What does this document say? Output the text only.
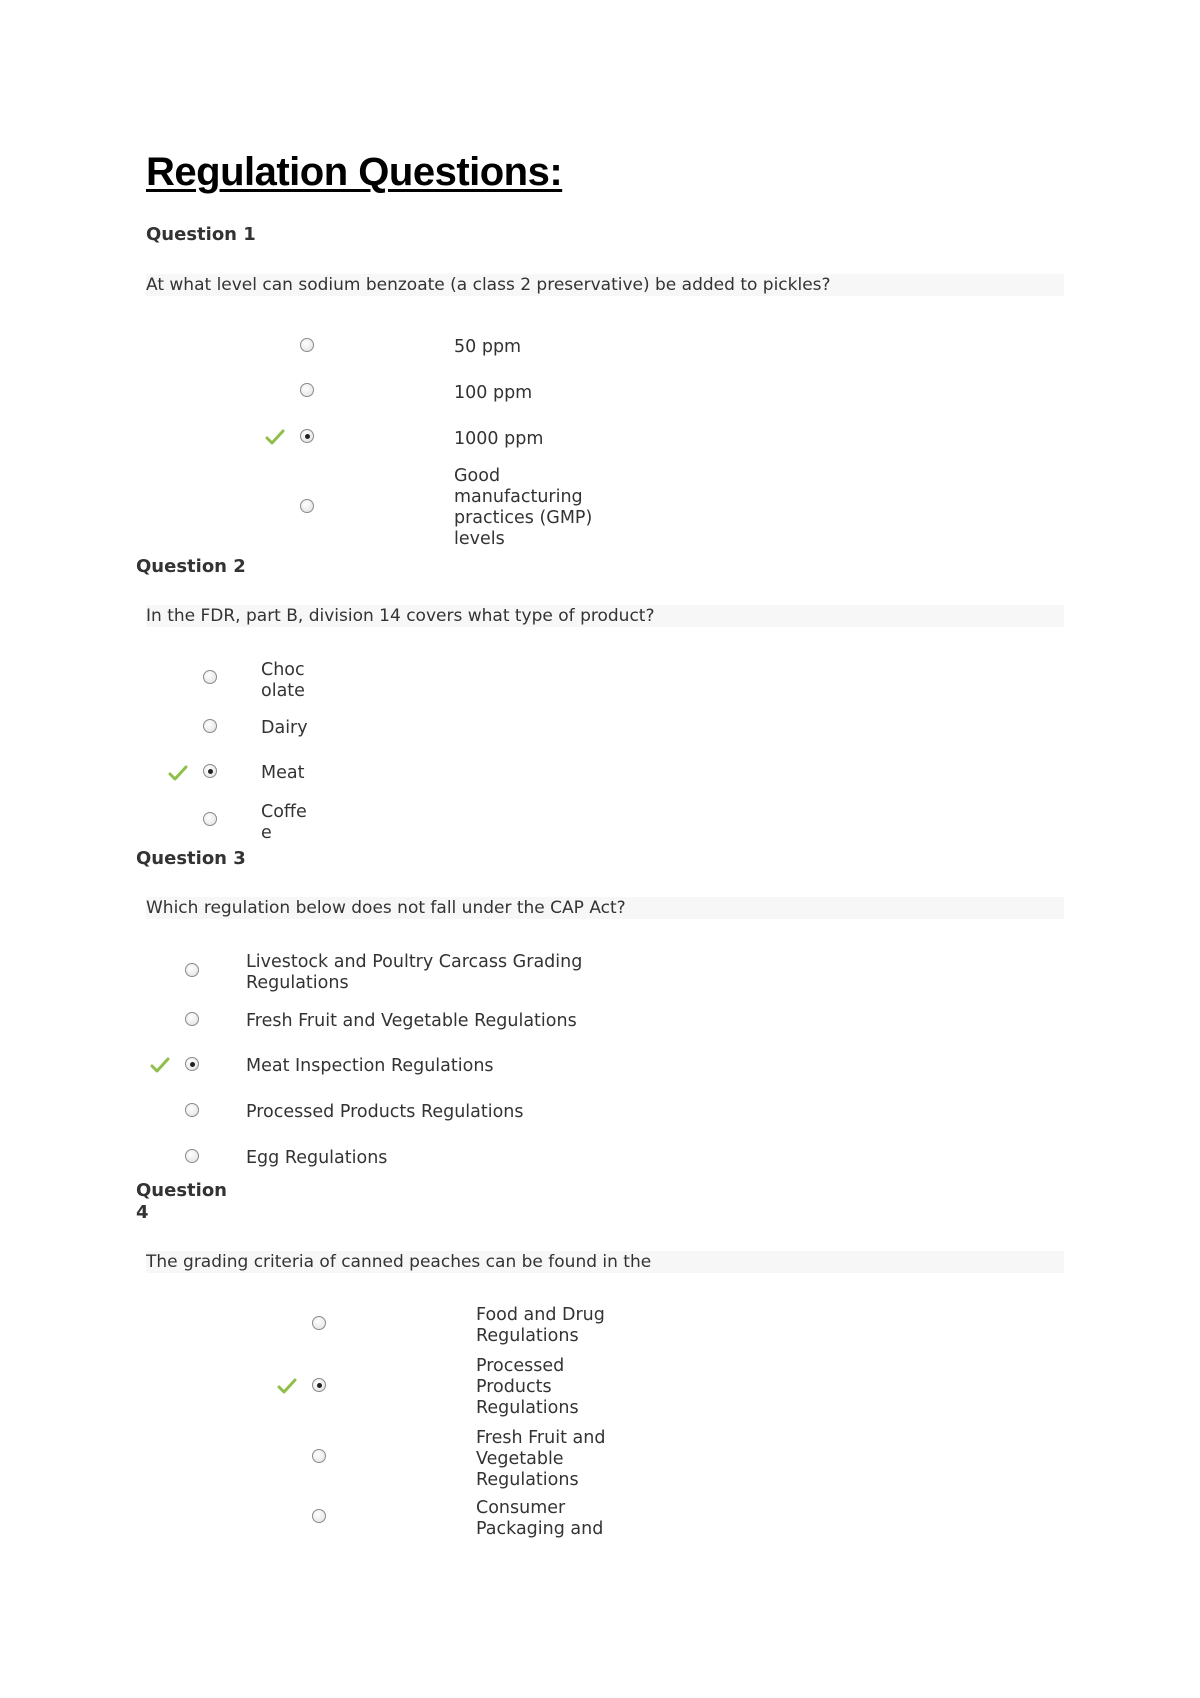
Regulation Questions:
Question 1
At what level can sodium benzoate (a class 2 preservative) be added to pickles?
50 ppm
100 ppm
1000 ppm
Good
manufacturing
practices (GMP)
levels
Question 2
In the FDR, part B, division 14 covers what type of product?
Choc
olate
Dairy
Meat
Coffe
e
Question 3
Which regulation below does not fall under the CAP Act?
Livestock and Poultry Carcass Grading
Regulations
Fresh Fruit and Vegetable Regulations
Meat Inspection Regulations
Processed Products Regulations
Egg Regulations
Question
4
The grading criteria of canned peaches can be found in the
Food and Drug
Regulations
Processed
Products
Regulations
Fresh Fruit and
Vegetable
Regulations
Consumer
Packaging and
